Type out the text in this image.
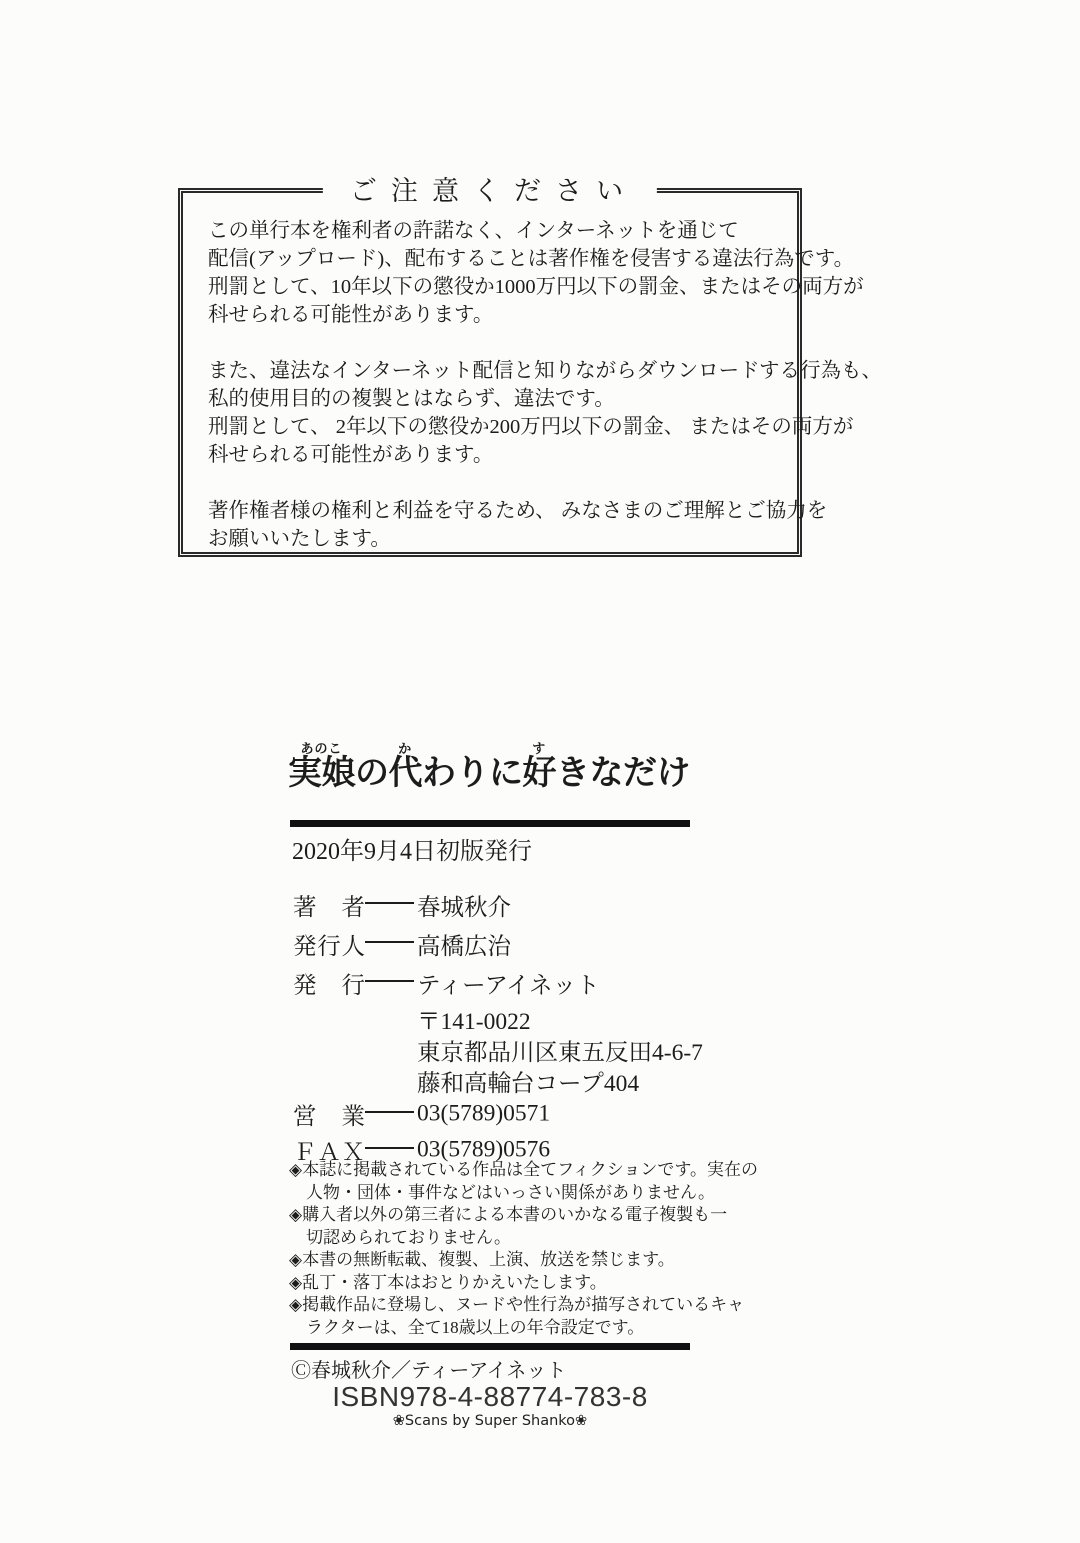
ご注意ください
この単行本を権利者の許諾なく、インターネットを通じて
配信(アップロード)、配布することは著作権を侵害する違法行為です。
刑罰として、10年以下の懲役か1000万円以下の罰金、またはその両方が
科せられる可能性があります。
また、違法なインターネット配信と知りながらダウンロードする行為も、
私的使用目的の複製とはならず、違法です。
刑罰として、 2年以下の懲役か200万円以下の罰金、 またはその両方が
科せられる可能性があります。
著作権者様の権利と利益を守るため、 みなさまのご理解とご協力を
お願いいたします。
実娘あのこの代かわりに好すきなだけ
2020年9月4日初版発行
著　者 春城秋介
発行人 高橋広治
発　行 ティーアイネット
〒141-0022
東京都品川区東五反田4-6-7
藤和高輪台コープ404
営　業 03(5789)0571
ＦＡＸ 03(5789)0576
◈本誌に掲載されている作品は全てフィクションです。実在の
人物・団体・事件などはいっさい関係がありません。
◈購入者以外の第三者による本書のいかなる電子複製も一
切認められておりません。
◈本書の無断転載、複製、上演、放送を禁じます。
◈乱丁・落丁本はおとりかえいたします。
◈掲載作品に登場し、ヌードや性行為が描写されているキャ
ラクターは、全て18歳以上の年令設定です。
Ⓒ春城秋介／ティーアイネット
ISBN978-4-88774-783-8
❀Scans by Super Shanko❀
